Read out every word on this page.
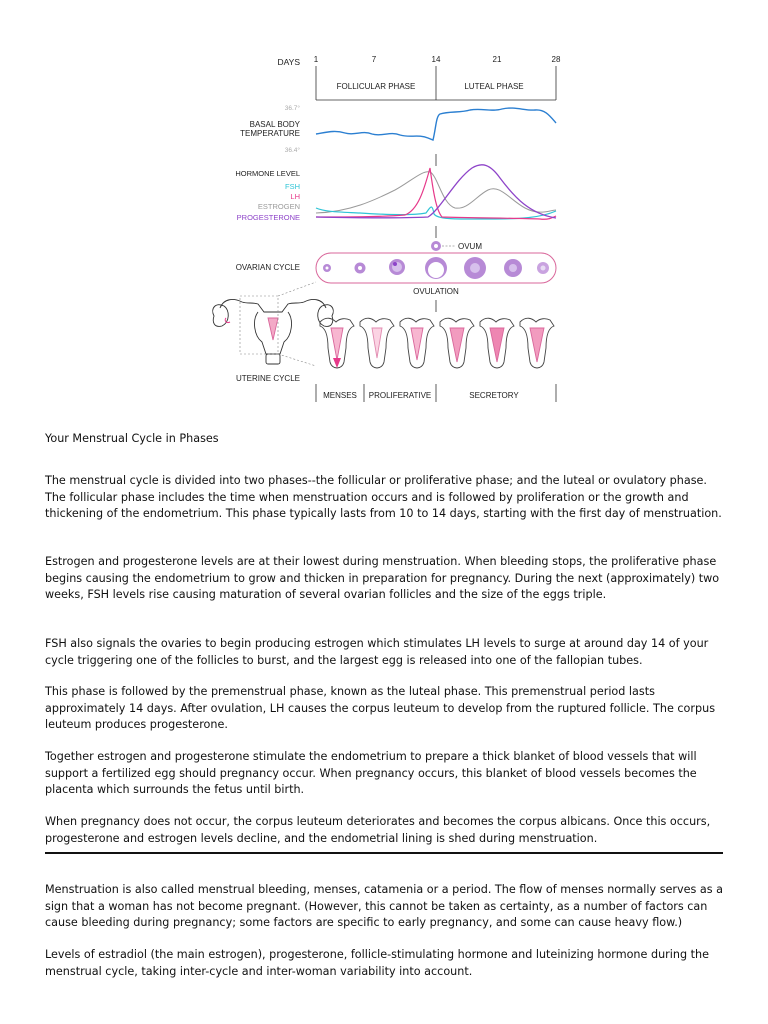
DAYS 1	7	14	21	28
FOLLICULAR PHASE	LUTEAL PHASE
36.7°
BASAL BODY
TEMPERATURE
36.4°
HORMONE LEVEL
FSH
LH
ESTROGEN
PROGESTERONE
OVUM
OVARIAN CYCLE
OVULATION
UTERINE CYCLE
MENSES PROLIFERATIVE	SECRETORY
Your Menstrual Cycle in Phases

The menstrual cycle is divided into two phases--the follicular or proliferative phase; and the luteal or ovulatory phase. The follicular phase includes the time when menstruation occurs and is followed by proliferation or the growth and thickening of the endometrium. This phase typically lasts from 10 to 14 days, starting with the first day of menstruation.

Estrogen and progesterone levels are at their lowest during menstruation. When bleeding stops, the proliferative phase begins causing the endometrium to grow and thicken in preparation for pregnancy. During the next (approximately) two weeks, FSH levels rise causing maturation of several ovarian follicles and the size of the eggs triple.

FSH also signals the ovaries to begin producing estrogen which stimulates LH levels to surge at around day 14 of your cycle triggering one of the follicles to burst, and the largest egg is released into one of the fallopian tubes.

This phase is followed by the premenstrual phase, known as the luteal phase. This premenstrual period lasts approximately 14 days. After ovulation, LH causes the corpus leuteum to develop from the ruptured follicle. The corpus leuteum produces progesterone.

Together estrogen and progesterone stimulate the endometrium to prepare a thick blanket of blood vessels that will support a fertilized egg should pregnancy occur. When pregnancy occurs, this blanket of blood vessels becomes the placenta which surrounds the fetus until birth.

When pregnancy does not occur, the corpus leuteum deteriorates and becomes the corpus albicans. Once this occurs, progesterone and estrogen levels decline, and the endometrial lining is shed during menstruation.

Menstruation is also called menstrual bleeding, menses, catamenia or a period. The flow of menses normally serves as a sign that a woman has not become pregnant. (However, this cannot be taken as certainty, as a number of factors can cause bleeding during pregnancy; some factors are specific to early pregnancy, and some can cause heavy flow.)

Levels of estradiol (the main estrogen), progesterone, follicle-stimulating hormone and luteinizing hormone during the menstrual cycle, taking inter-cycle and inter-woman variability into account.
